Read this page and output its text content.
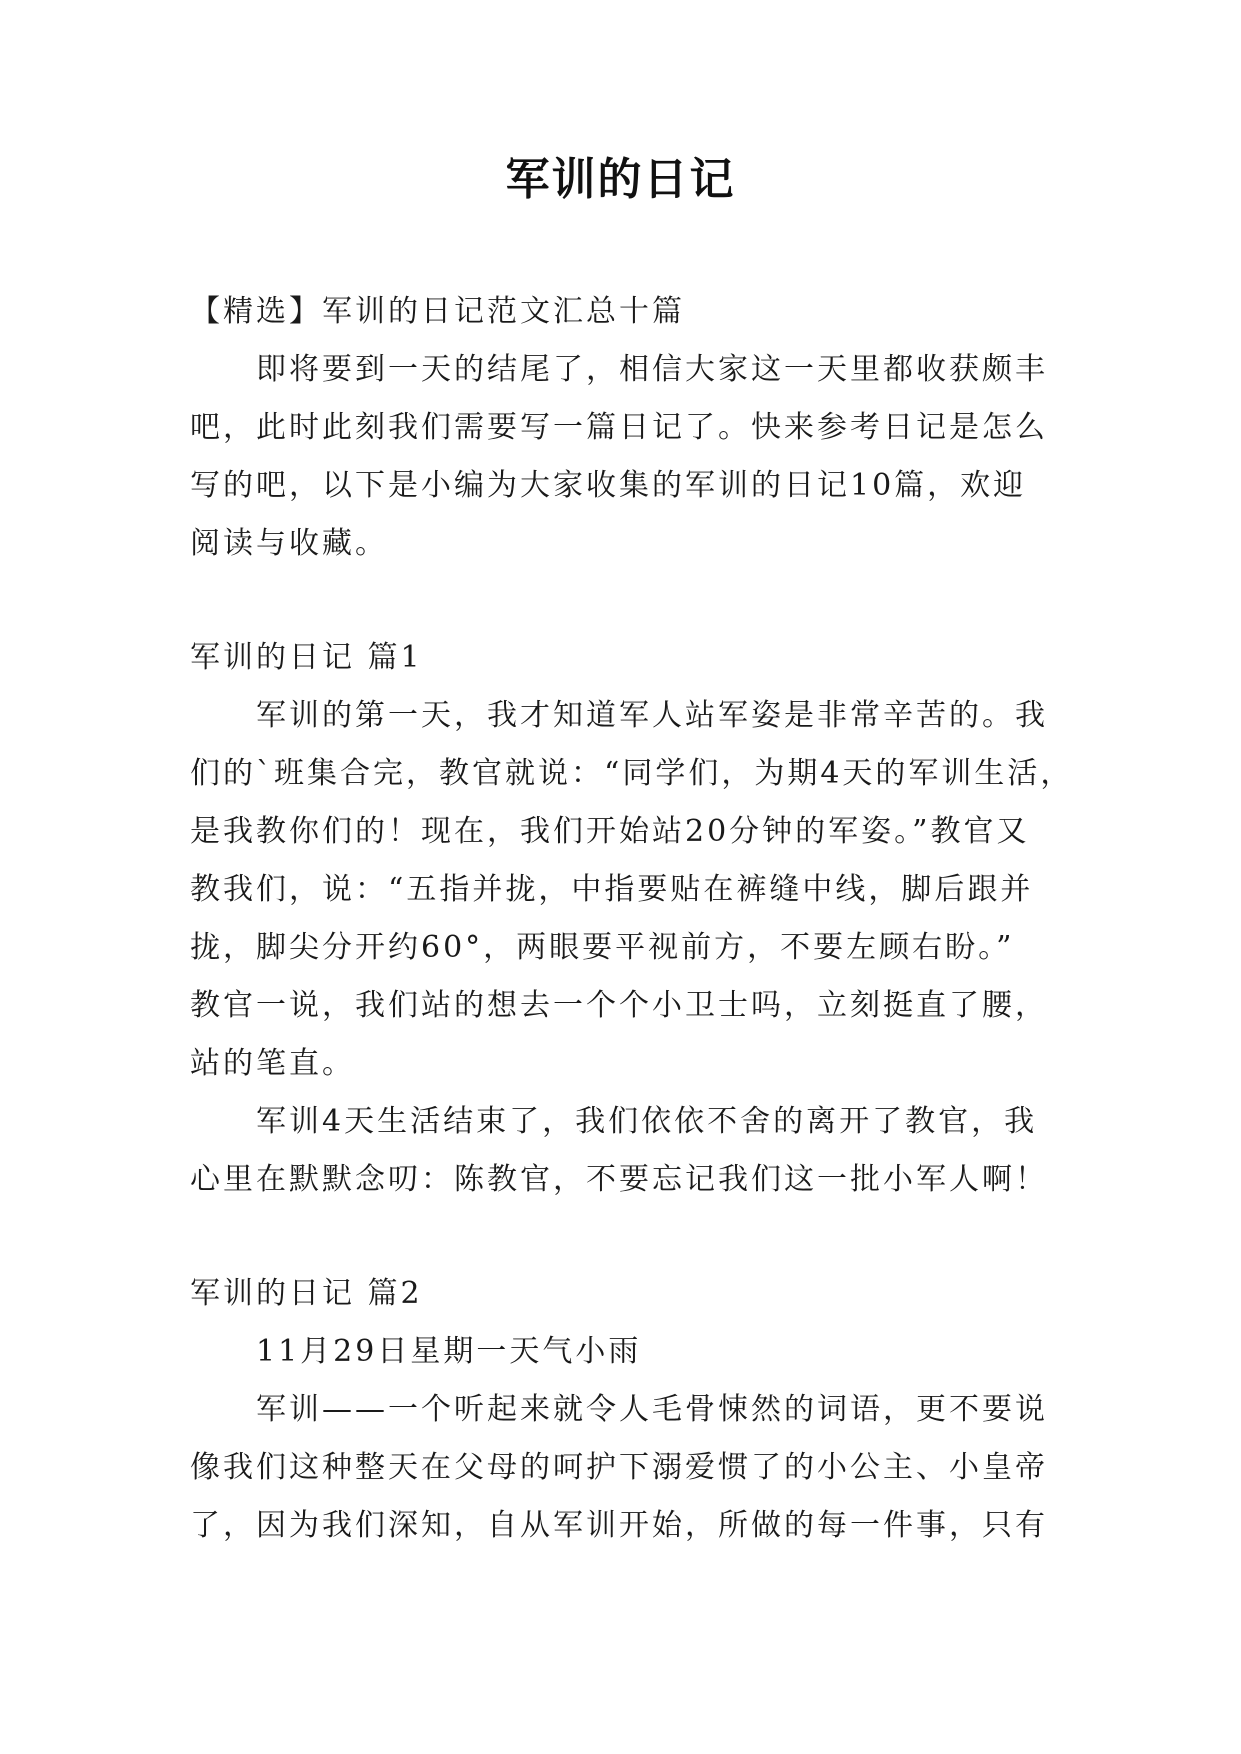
军训的日记
【精选】军训的日记范文汇总十篇
即将要到一天的结尾了，相信大家这一天里都收获颇丰
吧，此时此刻我们需要写一篇日记了。快来参考日记是怎么
写的吧，以下是小编为大家收集的军训的日记10篇，欢迎
阅读与收藏。
军训的日记 篇1
军训的第一天，我才知道军人站军姿是非常辛苦的。我
们的`班集合完，教官就说：“同学们，为期4天的军训生活，
是我教你们的！现在，我们开始站20分钟的军姿。”教官又
教我们，说：“五指并拢，中指要贴在裤缝中线，脚后跟并
拢，脚尖分开约60°，两眼要平视前方，不要左顾右盼。”
教官一说，我们站的想去一个个小卫士吗，立刻挺直了腰，
站的笔直。
军训4天生活结束了，我们依依不舍的离开了教官，我
心里在默默念叨：陈教官，不要忘记我们这一批小军人啊！
军训的日记 篇2
11月29日星期一天气小雨
军训——一个听起来就令人毛骨悚然的词语，更不要说
像我们这种整天在父母的呵护下溺爱惯了的小公主、小皇帝
了，因为我们深知，自从军训开始，所做的每一件事，只有
